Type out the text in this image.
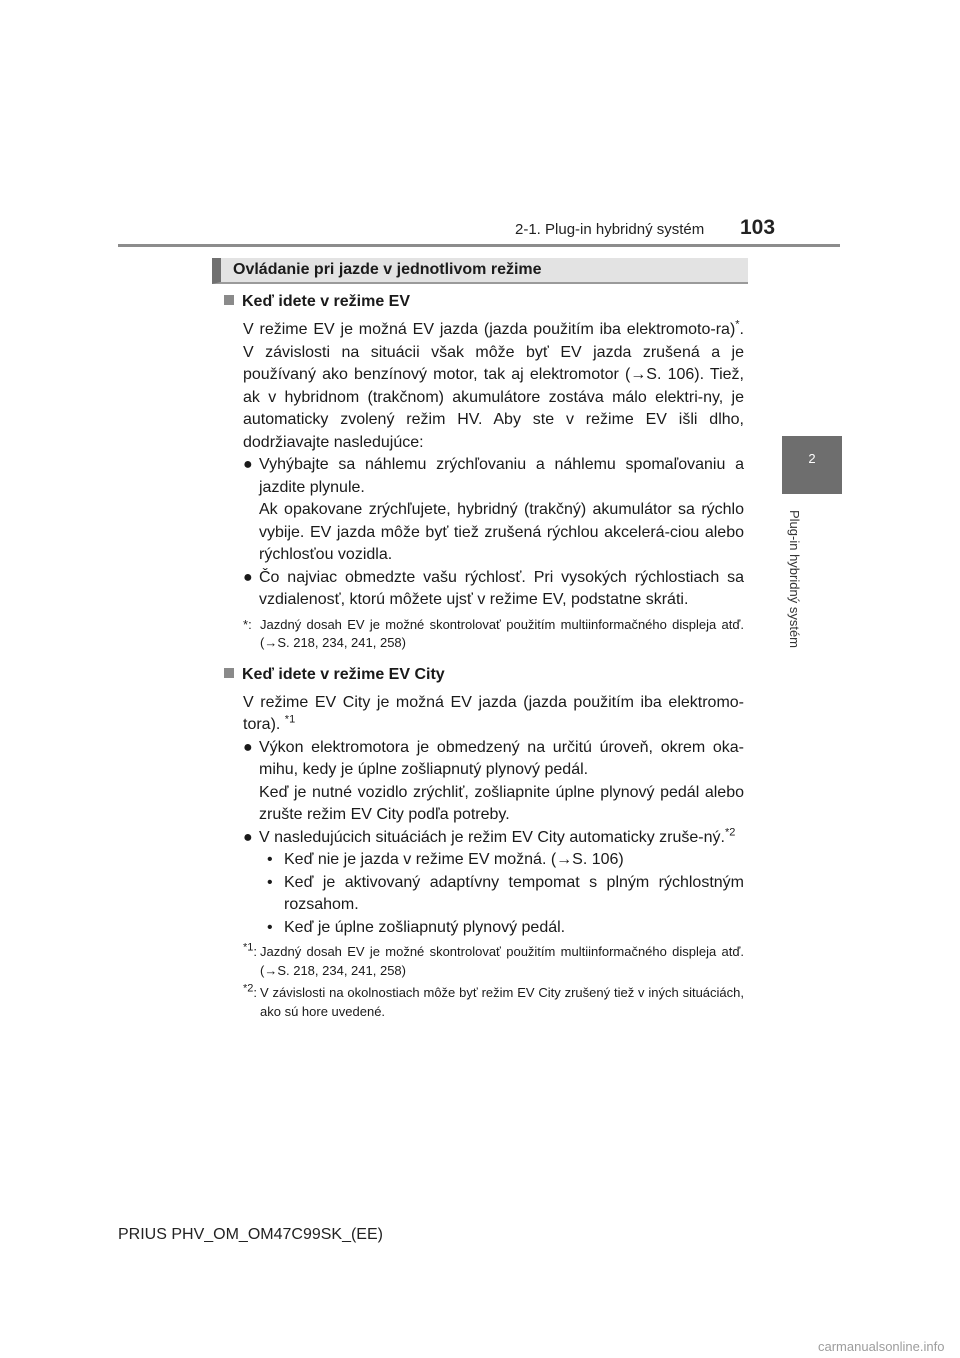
2-1. Plug-in hybridný systém 103
2
Plug-in hybridný systém
Ovládanie pri jazde v jednotlivom režime
Keď idete v režime EV
V režime EV je možná EV jazda (jazda použitím iba elektromoto-ra)*. V závislosti na situácii však môže byť EV jazda zrušená a je používaný ako benzínový motor, tak aj elektromotor (→S. 106). Tiež, ak v hybridnom (trakčnom) akumulátore zostáva málo elektri-ny, je automaticky zvolený režim HV. Aby ste v režime EV išli dlho, dodržiavajte nasledujúce:
● Vyhýbajte sa náhlemu zrýchľovaniu a náhlemu spomaľovaniu a jazdite plynule.
Ak opakovane zrýchľujete, hybridný (trakčný) akumulátor sa rýchlo vybije. EV jazda môže byť tiež zrušená rýchlou akcelerá-ciou alebo rýchlosťou vozidla.
● Čo najviac obmedzte vašu rýchlosť. Pri vysokých rýchlostiach sa vzdialenosť, ktorú môžete ujsť v režime EV, podstatne skráti.
*: Jazdný dosah EV je možné skontrolovať použitím multiinformačného displeja atď. (→S. 218, 234, 241, 258)
Keď idete v režime EV City
V režime EV City je možná EV jazda (jazda použitím iba elektromo-tora). $^{*1}$
● Výkon elektromotora je obmedzený na určitú úroveň, okrem oka-mihu, kedy je úplne zošliapnutý plynový pedál.
Keď je nutné vozidlo zrýchliť, zošliapnite úplne plynový pedál alebo zrušte režim EV City podľa potreby.
● V nasledujúcich situáciách je režim EV City automaticky zruše-ný.$^{*2}$
• Keď nie je jazda v režime EV možná. (→S. 106)
• Keď je aktivovaný adaptívny tempomat s plným rýchlostným rozsahom.
• Keď je úplne zošliapnutý plynový pedál.
$^{*1}$: Jazdný dosah EV je možné skontrolovať použitím multiinformačného displeja atď. (→S. 218, 234, 241, 258)
$^{*2}$: V závislosti na okolnostiach môže byť režim EV City zrušený tiež v iných situáciách, ako sú hore uvedené.
PRIUS PHV_OM_OM47C99SK_(EE)
carmanualsonline.info
